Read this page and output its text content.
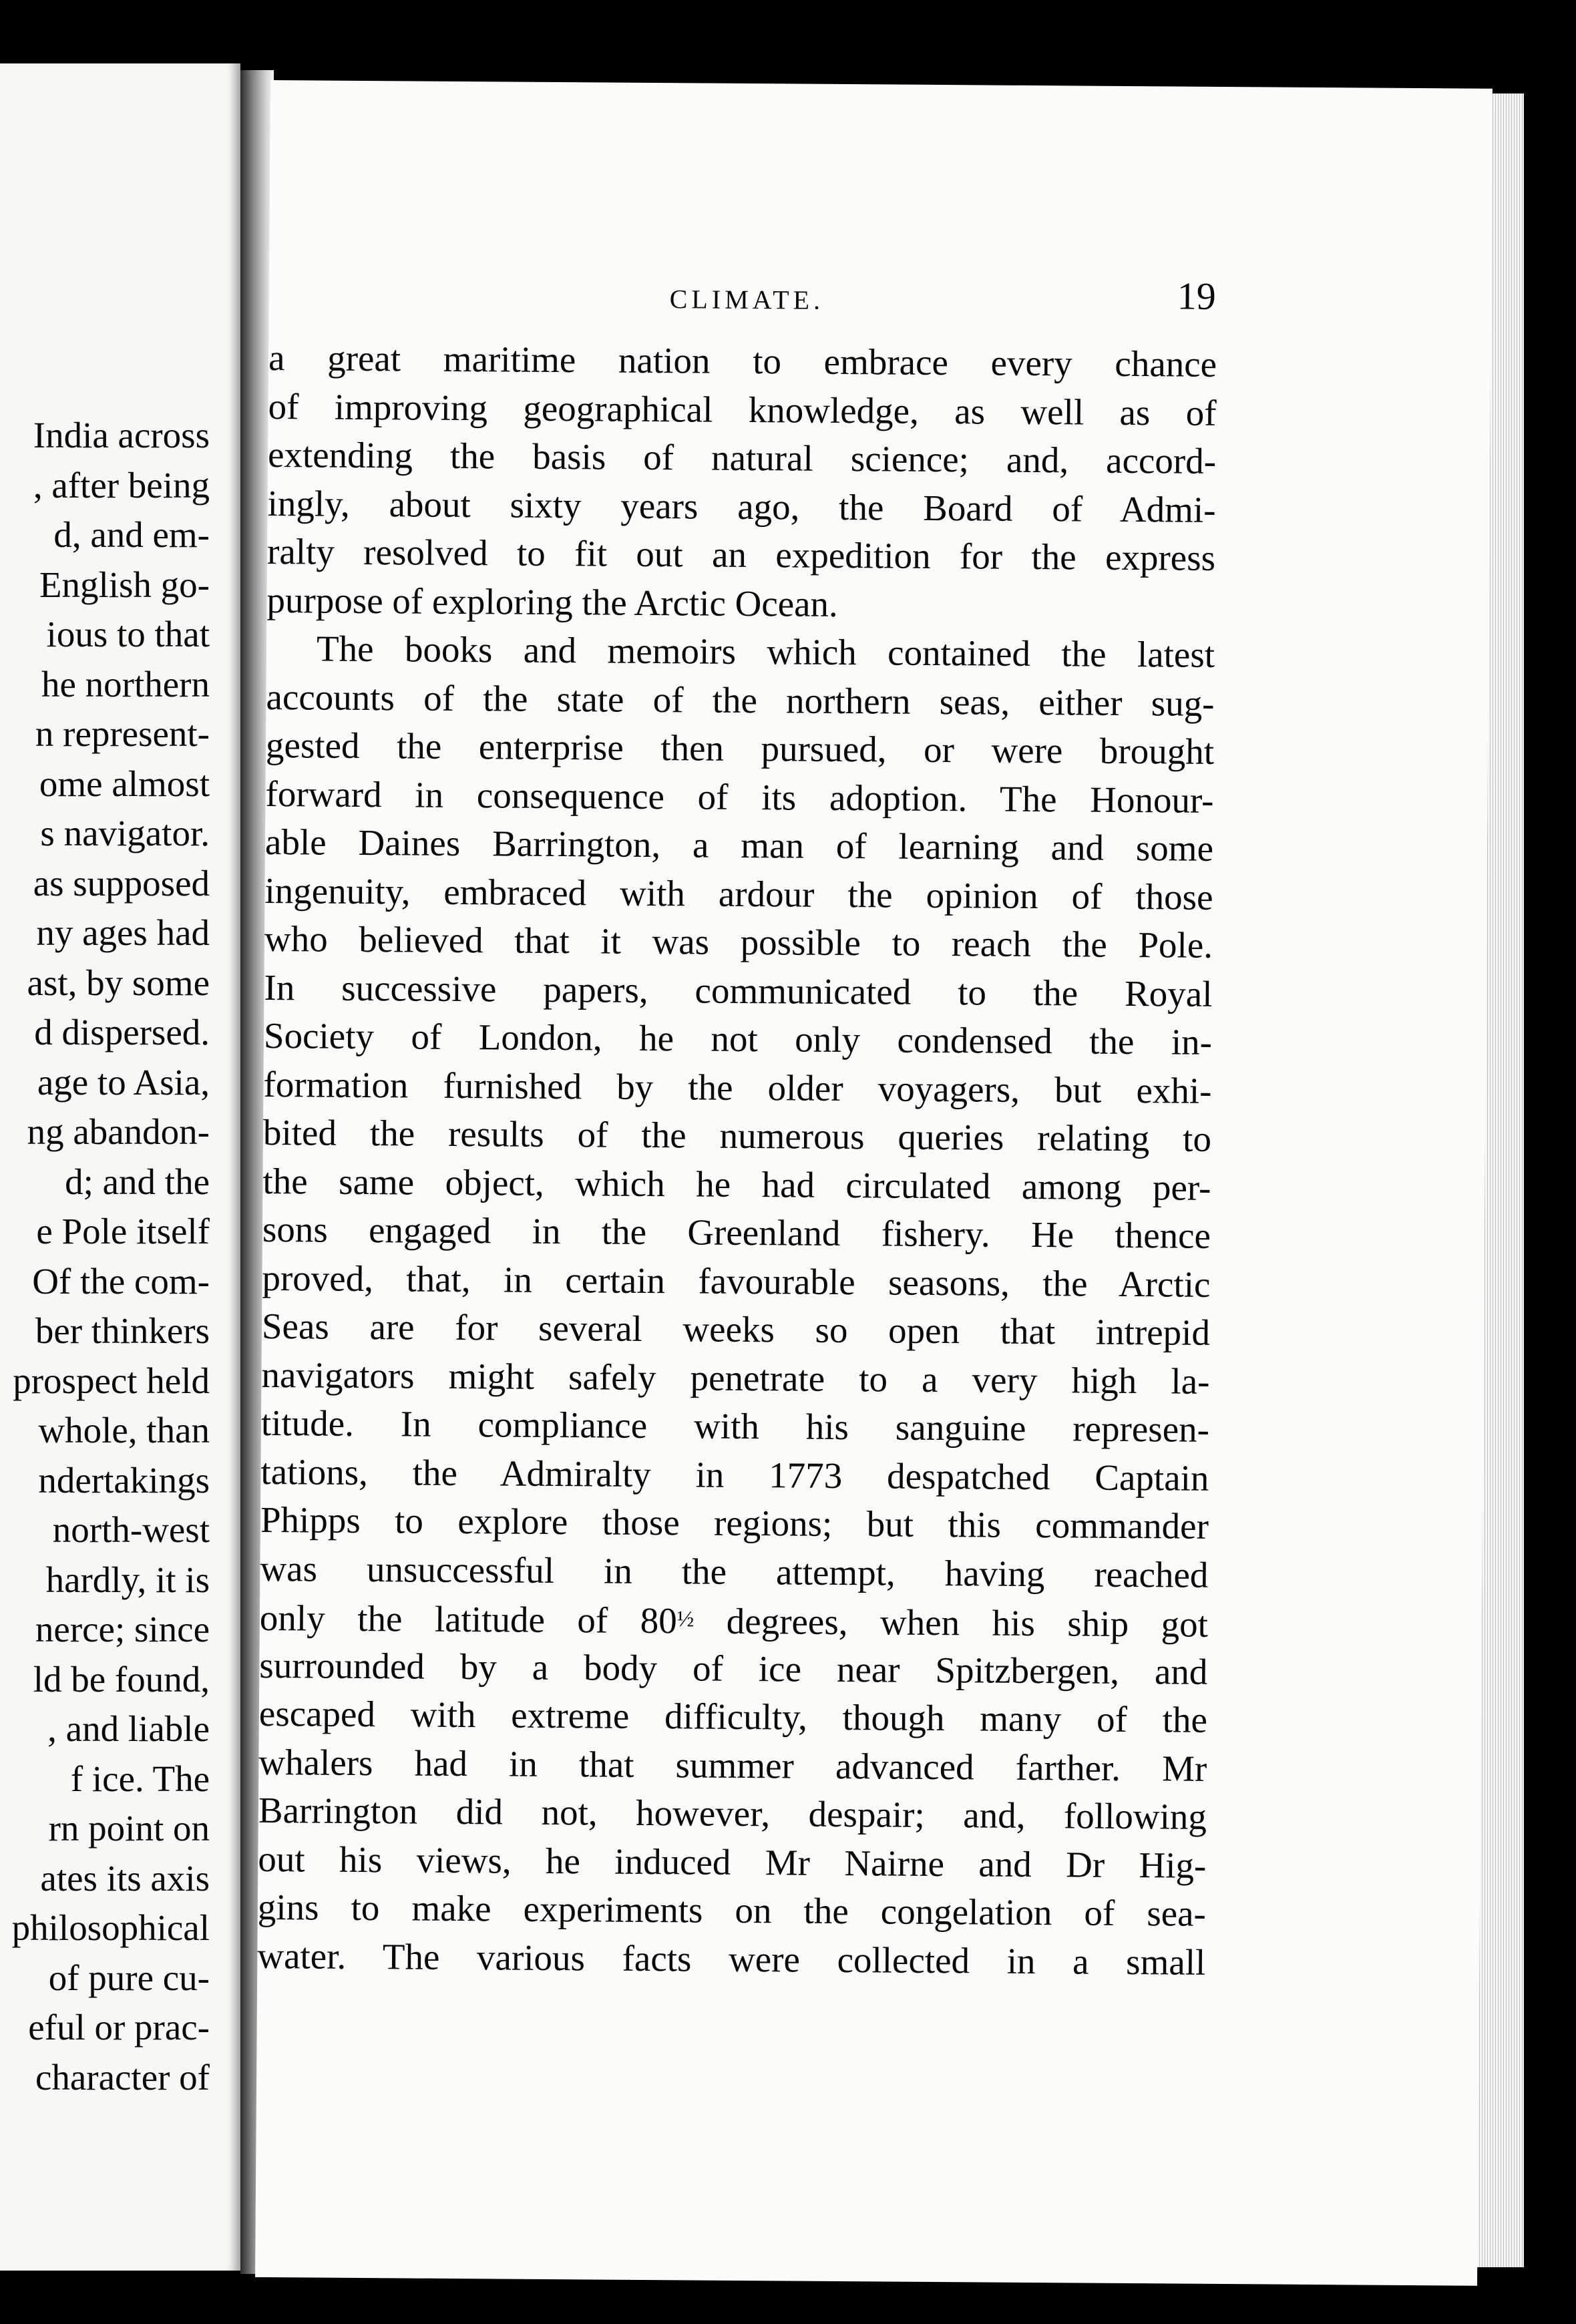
India across
, after being
d, and em-
English go-
ious to that
he northern
n represent-
ome almost
s navigator.
as supposed
ny ages had
ast, by some
d dispersed.
age to Asia,
ng abandon-
d; and the
e Pole itself
Of the com-
ber thinkers
prospect held
whole, than
ndertakings
north-west
hardly, it is
nerce; since
ld be found,
, and liable
f ice. The
rn point on
ates its axis
philosophical
of pure cu-
eful or prac-
character of
CLIMATE.	19
a great maritime nation to embrace every chance
of improving geographical knowledge, as well as of
extending the basis of natural science; and, accord-
ingly, about sixty years ago, the Board of Admi-
ralty resolved to fit out an expedition for the express
purpose of exploring the Arctic Ocean.
The books and memoirs which contained the latest
accounts of the state of the northern seas, either sug-
gested the enterprise then pursued, or were brought
forward in consequence of its adoption. The Honour-
able Daines Barrington, a man of learning and some
ingenuity, embraced with ardour the opinion of those
who believed that it was possible to reach the Pole.
In successive papers, communicated to the Royal
Society of London, he not only condensed the in-
formation furnished by the older voyagers, but exhi-
bited the results of the numerous queries relating to
the same object, which he had circulated among per-
sons engaged in the Greenland fishery. He thence
proved, that, in certain favourable seasons, the Arctic
Seas are for several weeks so open that intrepid
navigators might safely penetrate to a very high la-
titude. In compliance with his sanguine represen-
tations, the Admiralty in 1773 despatched Captain
Phipps to explore those regions; but this commander
was unsuccessful in the attempt, having reached
only the latitude of 80½ degrees, when his ship got
surrounded by a body of ice near Spitzbergen, and
escaped with extreme difficulty, though many of the
whalers had in that summer advanced farther. Mr
Barrington did not, however, despair; and, following
out his views, he induced Mr Nairne and Dr Hig-
gins to make experiments on the congelation of sea-
water. The various facts were collected in a small
